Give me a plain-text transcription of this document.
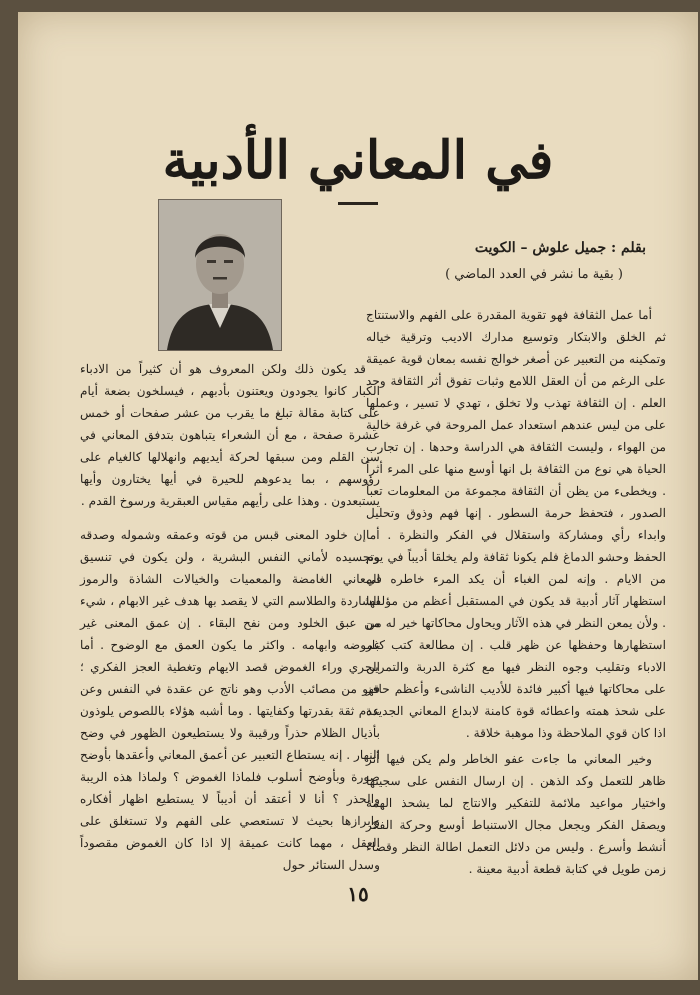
في المعاني الأدبية
بقلم : جميل علوش – الكويت
( بقية ما نشر في العدد الماضي )

أما عمل الثقافة فهو تقوية المقدرة على الفهم والاستنتاج ثم الخلق والابتكار وتوسيع مدارك الاديب وترقية خياله وتمكينه من التعبير عن أصغر خوالج نفسه بمعان قوية عميقة على الرغم من أن العقل اللامع وثبات تفوق أثر الثقافة وحد العلم . إن الثقافة تهذب ولا تخلق ، تهدي لا تسير ، وعملها على من ليس عندهم استعداد عمل المروحة في غرفة خالية من الهواء ، وليست الثقافة هي الدراسة وحدها . إن تجارب الحياة هي نوع من الثقافة بل انها أوسع منها على المرء أثراً . ويخطىء من يظن أن الثقافة مجموعة من المعلومات تعبأ الصدور ، فتحفظ حرمة السطور . إنها فهم وذوق وتحليل وابداء رأي ومشاركة واستقلال في الفكر والنظرة . أما الحفظ وحشو الدماغ فلم يكونا ثقافة ولم يخلقا أديباً في يوم من الايام . وإنه لمن الغباء أن يكد المرء خاطره في استظهار آثار أدبية قد يكون في المستقبل أعظم من مؤلفها . ولأن يمعن النظر في هذه الآثار ويحاول محاكاتها خير له من استظهارها وحفظها عن ظهر قلب . إن مطالعة كتب كبار الادباء وتقليب وجوه النظر فيها مع كثرة الدربة والتمرين على محاكاتها فيها أكبير فائدة للأديب الناشىء وأعظم حافز على شحذ همته واعطائه قوة كامنة لابداع المعاني الجديدة اذا كان قوي الملاحظة وذا موهبة خلاقة .

وخير المعاني ما جاءت عفو الخاطر ولم يكن فيها أثر ظاهر للتعمل وكد الذهن . إن ارسال النفس على سجيتها واختيار مواعيد ملائمة للتفكير والانتاج لما يشحذ الهمة ويصقل الفكر ويجعل مجال الاستنباط أوسع وحركة الفكر أنشط وأسرع . وليس من دلائل التعمل اطالة النظر وقضاء زمن طويل في كتابة قطعة أدبية معينة .

قد يكون ذلك ولكن المعروف هو أن كثيراً من الادباء الكبار كانوا يجودون ويعتنون بأدبهم ، فيسلخون بضعة أيام على كتابة مقالة تبلغ ما يقرب من عشر صفحات أو خمس عشرة صفحة ، مع أن الشعراء يتباهون بتدفق المعاني في سن القلم ومن سبقها لحركة أيديهم وانهلالها كالغيام على رؤوسهم ، بما يدعوهم للحيرة في أيها يختارون وأيها يستبعدون . وهذا على رأيهم مقياس العبقرية ورسوخ القدم .

إن خلود المعنى قبس من قوته وعمقه وشموله وصدقه وتجسيده لأماني النفس البشرية ، ولن يكون في تنسيق المعاني الغامضة والمعميات والخيالات الشاذة والرموز الشاردة والطلاسم التي لا يقصد بها هدف غير الابهام ، شيء من عبق الخلود ومن نفح البقاء . إن عمق المعنى غير غموضه وابهامه . واكثر ما يكون العمق مع الوضوح . أما الجري وراء الغموض قصد الايهام وتغطية العجز الفكري ؛ فهو من مصائب الأدب وهو ناتج عن عقدة في النفس وعن عدم ثقة بقدرتها وكفايتها . وما أشبه هؤلاء باللصوص يلوذون بأذيال الظلام حذراً ورقيبة ولا يستطيعون الظهور في وضح النهار . إنه يستطاع التعبير عن أعمق المعاني وأعقدها بأوضح صورة وبأوضح أسلوب فلماذا الغموض ؟ ولماذا هذه الريبة والحذر ؟ أنا لا أعتقد أن أديباً لا يستطيع اظهار أفكاره وابرازها بحيث لا تستعصي على الفهم ولا تستغلق على العقل ، مهما كانت عميقة إلا اذا كان الغموض مقصوداً وسدل الستائر حول

١٥
